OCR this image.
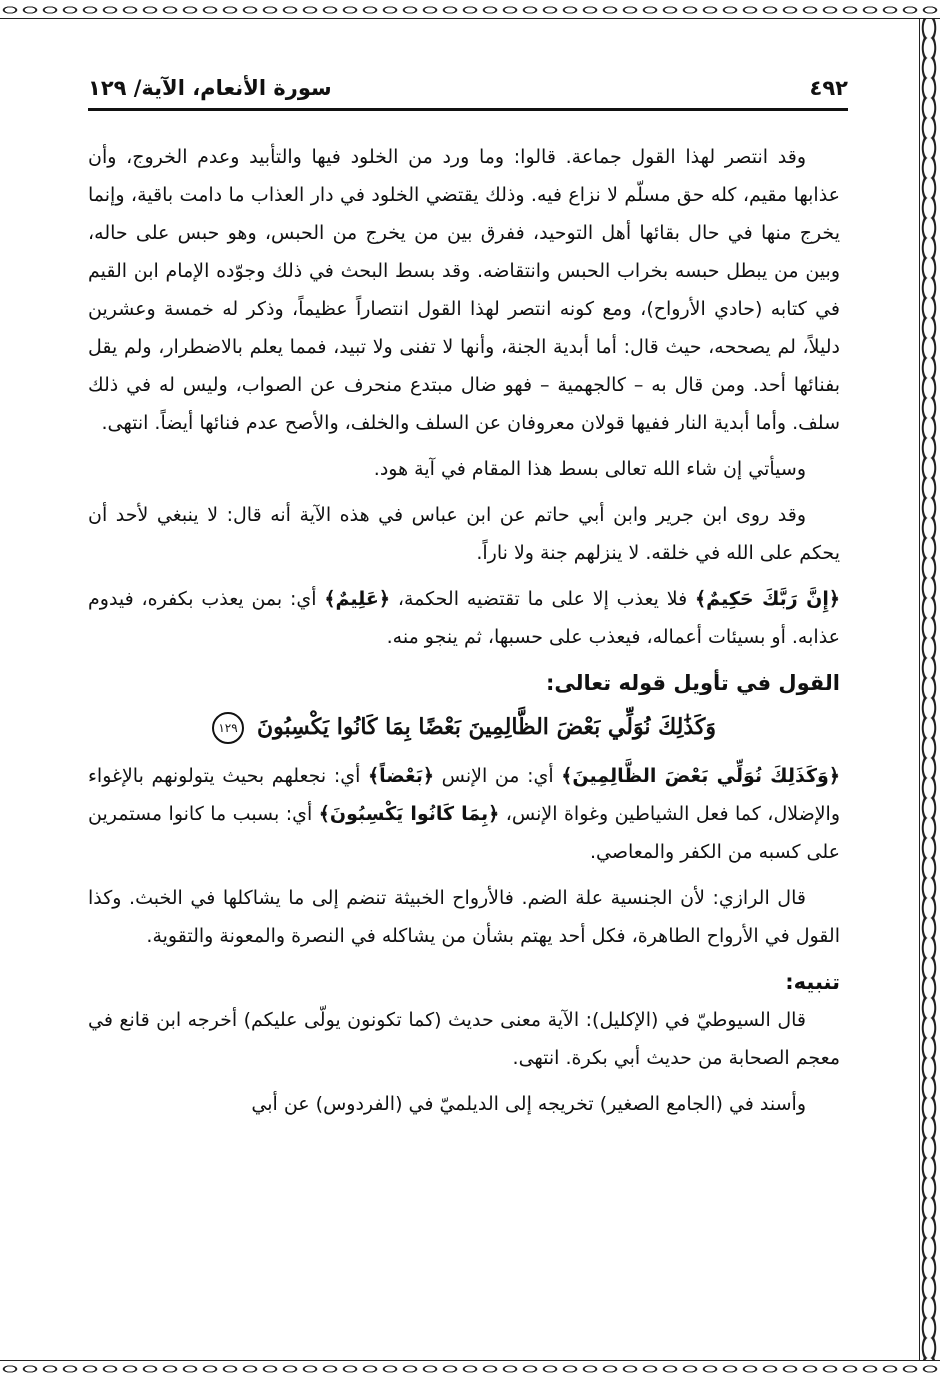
٤٩٢
سورة الأنعام، الآية/ ١٢٩

وقد انتصر لهذا القول جماعة. قالوا: وما ورد من الخلود فيها والتأبيد وعدم الخروج، وأن عذابها مقيم، كله حق مسلّم لا نزاع فيه. وذلك يقتضي الخلود في دار العذاب ما دامت باقية، وإنما يخرج منها في حال بقائها أهل التوحيد، ففرق بين من يخرج من الحبس، وهو حبس على حاله، وبين من يبطل حبسه بخراب الحبس وانتقاضه. وقد بسط البحث في ذلك وجوّده الإمام ابن القيم في كتابه (حادي الأرواح)، ومع كونه انتصر لهذا القول انتصاراً عظيماً، وذكر له خمسة وعشرين دليلاً، لم يصححه، حيث قال: أما أبدية الجنة، وأنها لا تفنى ولا تبيد، فمما يعلم بالاضطرار، ولم يقل بفنائها أحد. ومن قال به – كالجهمية – فهو ضال مبتدع منحرف عن الصواب، وليس له في ذلك سلف. وأما أبدية النار ففيها قولان معروفان عن السلف والخلف، والأصح عدم فنائها أيضاً. انتهى.

وسيأتي إن شاء الله تعالى بسط هذا المقام في آية هود.

وقد روى ابن جرير وابن أبي حاتم عن ابن عباس في هذه الآية أنه قال: لا ينبغي لأحد أن يحكم على الله في خلقه. لا ينزلهم جنة ولا ناراً.

﴿إِنَّ رَبَّكَ حَكِيمٌ﴾ فلا يعذب إلا على ما تقتضيه الحكمة، ﴿عَلِيمٌ﴾ أي: بمن يعذب بكفره، فيدوم عذابه. أو بسيئات أعماله، فيعذب على حسبها، ثم ينجو منه.

القول في تأويل قوله تعالى:

وَكَذَٰلِكَ نُوَلِّي بَعْضَ الظَّالِمِينَ بَعْضًا بِمَا كَانُوا يَكْسِبُونَ ١٢٩

﴿وَكَذَلِكَ نُوَلِّي بَعْضَ الظَّالِمِينَ﴾ أي: من الإنس ﴿بَعْضاً﴾ أي: نجعلهم بحيث يتولونهم بالإغواء والإضلال، كما فعل الشياطين وغواة الإنس، ﴿بِمَا كَانُوا يَكْسِبُونَ﴾ أي: بسبب ما كانوا مستمرين على كسبه من الكفر والمعاصي.

قال الرازي: لأن الجنسية علة الضم. فالأرواح الخبيثة تنضم إلى ما يشاكلها في الخبث. وكذا القول في الأرواح الطاهرة، فكل أحد يهتم بشأن من يشاكله في النصرة والمعونة والتقوية.

تنبيه:

قال السيوطيّ في (الإكليل): الآية معنى حديث (كما تكونون يولّى عليكم) أخرجه ابن قانع في معجم الصحابة من حديث أبي بكرة. انتهى.

وأسند في (الجامع الصغير) تخريجه إلى الديلميّ في (الفردوس) عن أبي
